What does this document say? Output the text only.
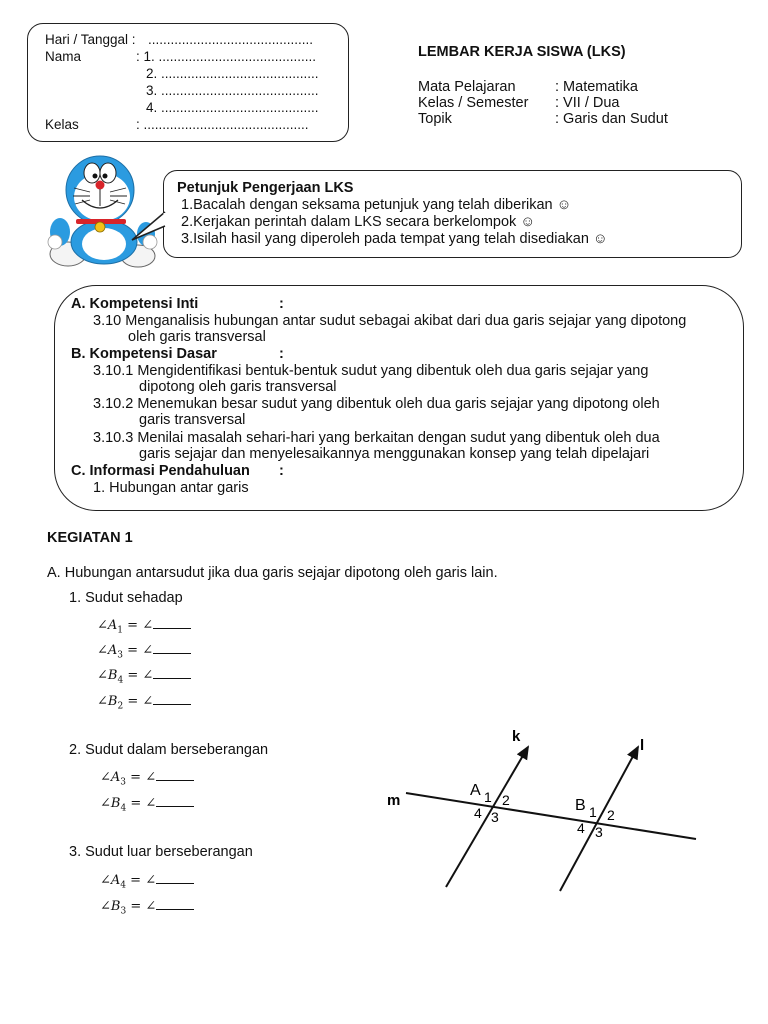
Hari / Tanggal : ............................................
Nama	: 1. ..........................................
2. ..........................................
3. ..........................................
4. ..........................................
Kelas	: ............................................
LEMBAR KERJA SISWA (LKS)
Mata Pelajaran	: Matematika
Kelas / Semester : VII / Dua
Topik	: Garis dan Sudut
Petunjuk Pengerjaan LKS
1.Bacalah dengan seksama petunjuk yang telah diberikan ☺
2.Kerjakan perintah dalam LKS secara berkelompok ☺
3.Isilah hasil yang diperoleh pada tempat yang telah disediakan ☺
A. Kompetensi Inti	:
3.10 Menganalisis hubungan antar sudut sebagai akibat dari dua garis sejajar yang dipotong
oleh garis transversal
B. Kompetensi Dasar	:
3.10.1 Mengidentifikasi bentuk-bentuk sudut yang dibentuk oleh dua garis sejajar yang
dipotong oleh garis transversal
3.10.2 Menemukan besar sudut yang dibentuk oleh dua garis sejajar yang dipotong oleh
garis transversal
3.10.3 Menilai masalah sehari-hari yang berkaitan dengan sudut yang dibentuk oleh dua
garis sejajar dan menyelesaikannya menggunakan konsep yang telah dipelajari
C. Informasi Pendahuluan :
1. Hubungan antar garis
KEGIATAN 1
A. Hubungan antarsudut jika dua garis sejajar dipotong oleh garis lain.
1. Sudut sehadap
$\angle A_1$ = ∠
$\angle A_3$ = ∠
$\angle B_4$ = ∠
$\angle B_2$ = ∠
2. Sudut dalam berseberangan
$\angle A_3$ = ∠
$\angle B_4$ = ∠
3. Sudut luar berseberangan
$\angle A_4$ = ∠
$\angle B_3$ = ∠
m
k
l
A 1 2
4 3
B 1 2
4 3
